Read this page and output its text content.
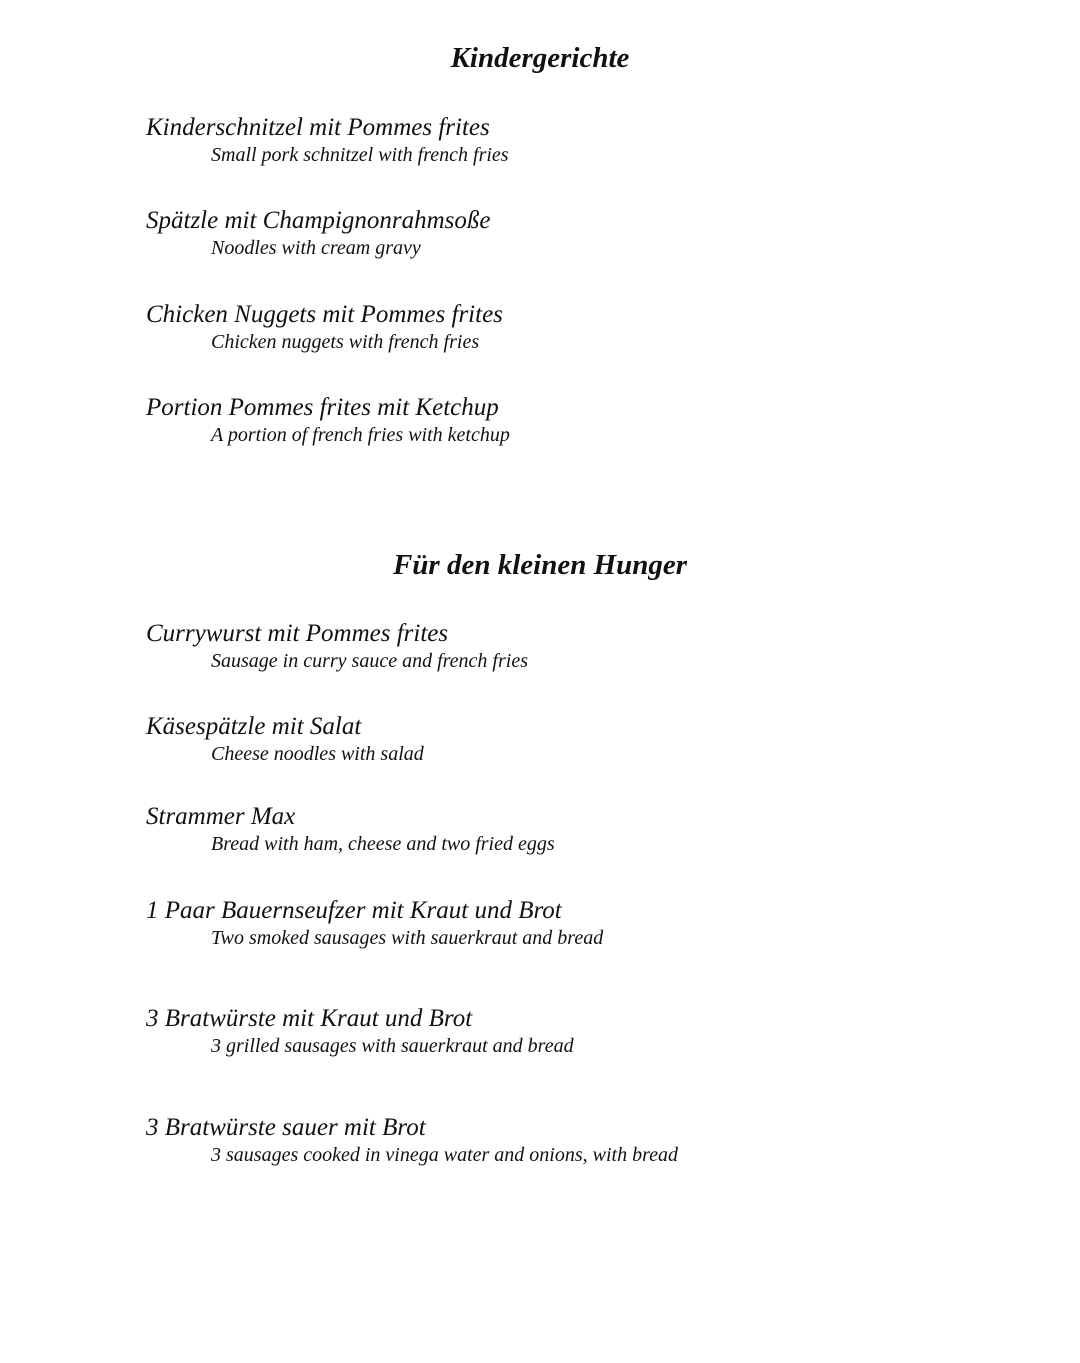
Kindergerichte
Kinderschnitzel mit Pommes frites
Small pork schnitzel with french fries
Spätzle mit Champignonrahmsoße
Noodles with cream gravy
Chicken Nuggets mit Pommes frites
Chicken nuggets with french fries
Portion Pommes frites mit Ketchup
A portion of french fries with ketchup
Für den kleinen Hunger
Currywurst mit Pommes frites
Sausage in curry sauce and french fries
Käsespätzle mit Salat
Cheese noodles with salad
Strammer Max
Bread with ham, cheese and two fried eggs
1 Paar Bauernseufzer mit Kraut und Brot
Two smoked sausages with sauerkraut and bread
3 Bratwürste mit Kraut und Brot
3 grilled sausages with sauerkraut and bread
3 Bratwürste sauer mit Brot
3 sausages cooked in vinega water and onions, with bread
